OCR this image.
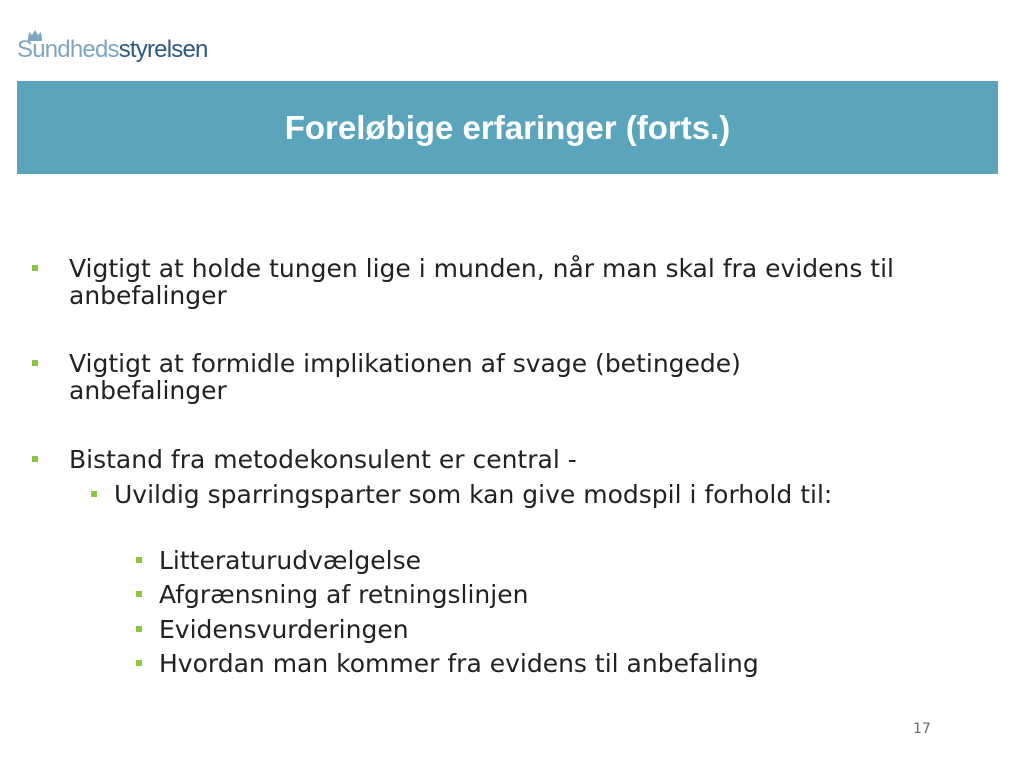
Sundhedsstyrelsen
Foreløbige erfaringer (forts.)
Vigtigt at holde tungen lige i munden, når man skal fra evidens til anbefalinger
Vigtigt at formidle implikationen af svage (betingede) anbefalinger
Bistand fra metodekonsulent er central -
Uvildig sparringsparter som kan give modspil i forhold til:
Litteraturudvælgelse
Afgrænsning af retningslinjen
Evidensvurderingen
Hvordan man kommer fra evidens til anbefaling
17
